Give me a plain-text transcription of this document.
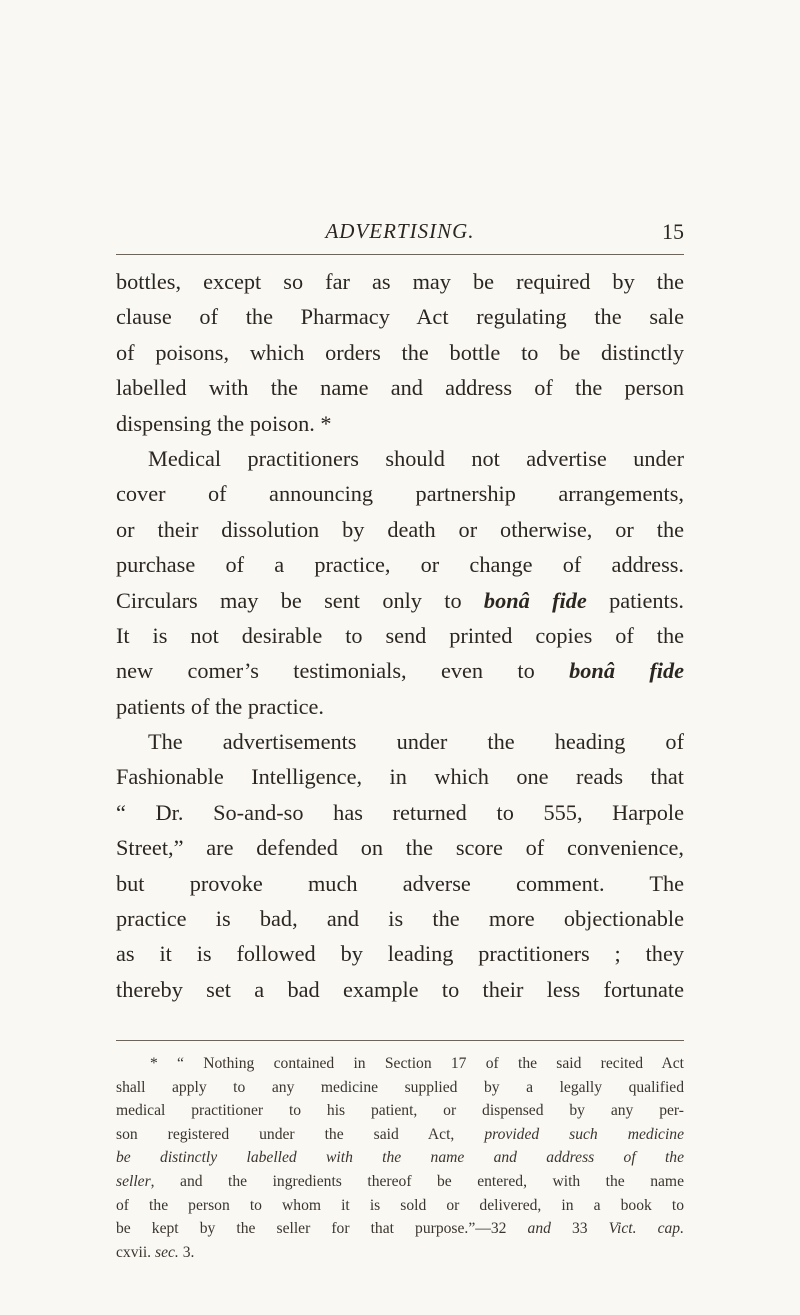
ADVERTISING.	15
bottles, except so far as may be required by the
clause of the Pharmacy Act regulating the sale
of poisons, which orders the bottle to be distinctly
labelled with the name and address of the person
dispensing the poison. *
Medical practitioners should not advertise under
cover of announcing partnership arrangements,
or their dissolution by death or otherwise, or the
purchase of a practice, or change of address.
Circulars may be sent only to bonâ fide patients.
It is not desirable to send printed copies of the
new comer’s testimonials, even to bonâ fide
patients of the practice.
The advertisements under the heading of
Fashionable Intelligence, in which one reads that
“ Dr. So-and-so has returned to 555, Harpole
Street,” are defended on the score of convenience,
but provoke much adverse comment. The
practice is bad, and is the more objectionable
as it is followed by leading practitioners ; they
thereby set a bad example to their less fortunate
* “ Nothing contained in Section 17 of the said recited Act
shall apply to any medicine supplied by a legally qualified
medical practitioner to his patient, or dispensed by any per-
son registered under the said Act, provided such medicine
be distinctly labelled with the name and address of the
seller, and the ingredients thereof be entered, with the name
of the person to whom it is sold or delivered, in a book to
be kept by the seller for that purpose.”—32 and 33 Vict. cap.
cxvii. sec. 3.
